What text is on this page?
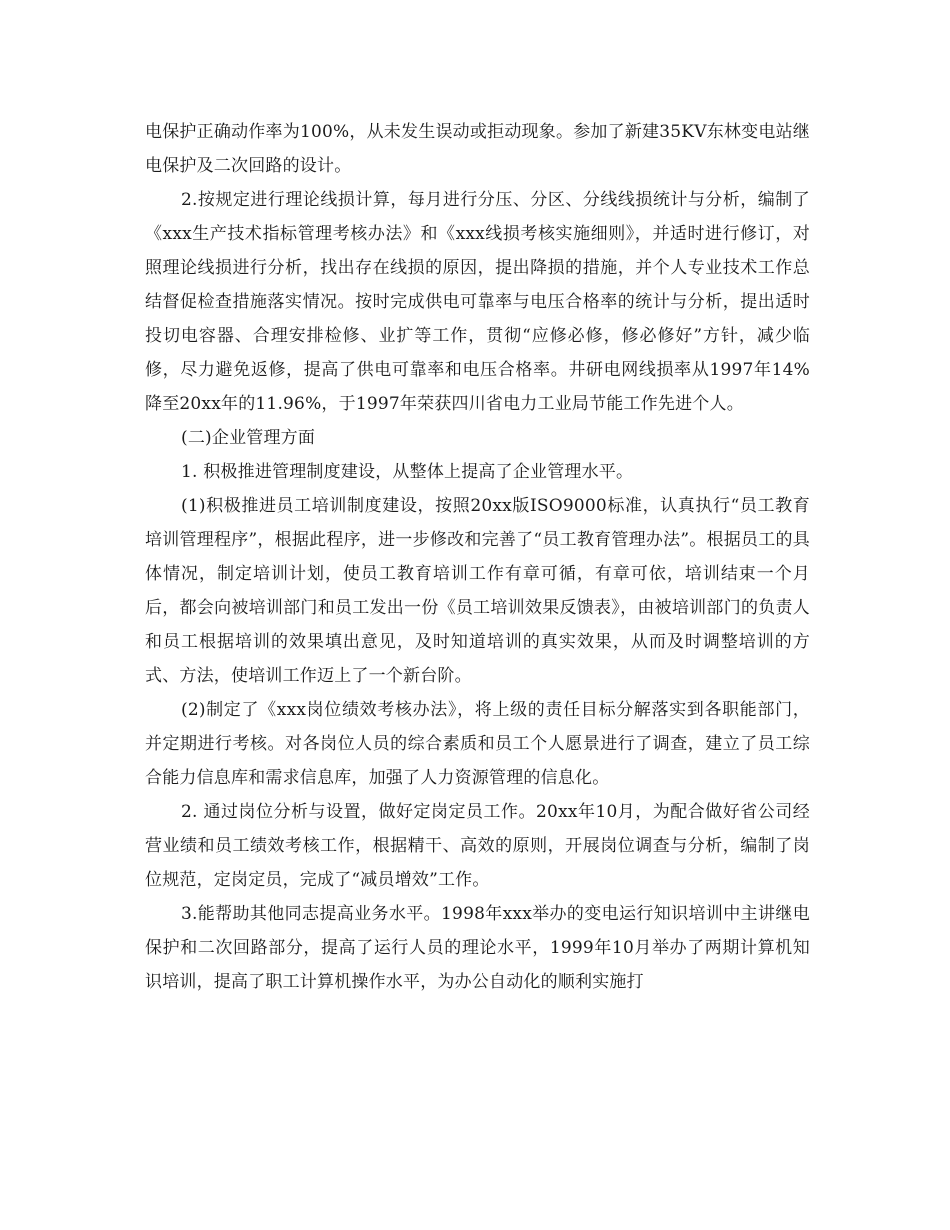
电保护正确动作率为100%，从未发生误动或拒动现象。参加了新建35KV东林变电站继电保护及二次回路的设计。

2.按规定进行理论线损计算，每月进行分压、分区、分线线损统计与分析，编制了《xxx生产技术指标管理考核办法》和《xxx线损考核实施细则》，并适时进行修订，对照理论线损进行分析，找出存在线损的原因，提出降损的措施，并个人专业技术工作总结督促检查措施落实情况。按时完成供电可靠率与电压合格率的统计与分析，提出适时投切电容器、合理安排检修、业扩等工作，贯彻“应修必修，修必修好”方针，减少临修，尽力避免返修，提高了供电可靠率和电压合格率。井研电网线损率从1997年14%降至20xx年的11.96%，于1997年荣获四川省电力工业局节能工作先进个人。

(二)企业管理方面

1. 积极推进管理制度建设，从整体上提高了企业管理水平。

(1)积极推进员工培训制度建设，按照20xx版ISO9000标准，认真执行“员工教育培训管理程序”，根据此程序，进一步修改和完善了“员工教育管理办法”。根据员工的具体情况，制定培训计划，使员工教育培训工作有章可循，有章可依，培训结束一个月后，都会向被培训部门和员工发出一份《员工培训效果反馈表》，由被培训部门的负责人和员工根据培训的效果填出意见，及时知道培训的真实效果，从而及时调整培训的方式、方法，使培训工作迈上了一个新台阶。

(2)制定了《xxx岗位绩效考核办法》，将上级的责任目标分解落实到各职能部门，并定期进行考核。对各岗位人员的综合素质和员工个人愿景进行了调查，建立了员工综合能力信息库和需求信息库，加强了人力资源管理的信息化。

2. 通过岗位分析与设置，做好定岗定员工作。20xx年10月，为配合做好省公司经营业绩和员工绩效考核工作，根据精干、高效的原则，开展岗位调查与分析，编制了岗位规范，定岗定员，完成了“减员增效”工作。

3.能帮助其他同志提高业务水平。1998年xxx举办的变电运行知识培训中主讲继电保护和二次回路部分，提高了运行人员的理论水平，1999年10月举办了两期计算机知识培训，提高了职工计算机操作水平，为办公自动化的顺利实施打
